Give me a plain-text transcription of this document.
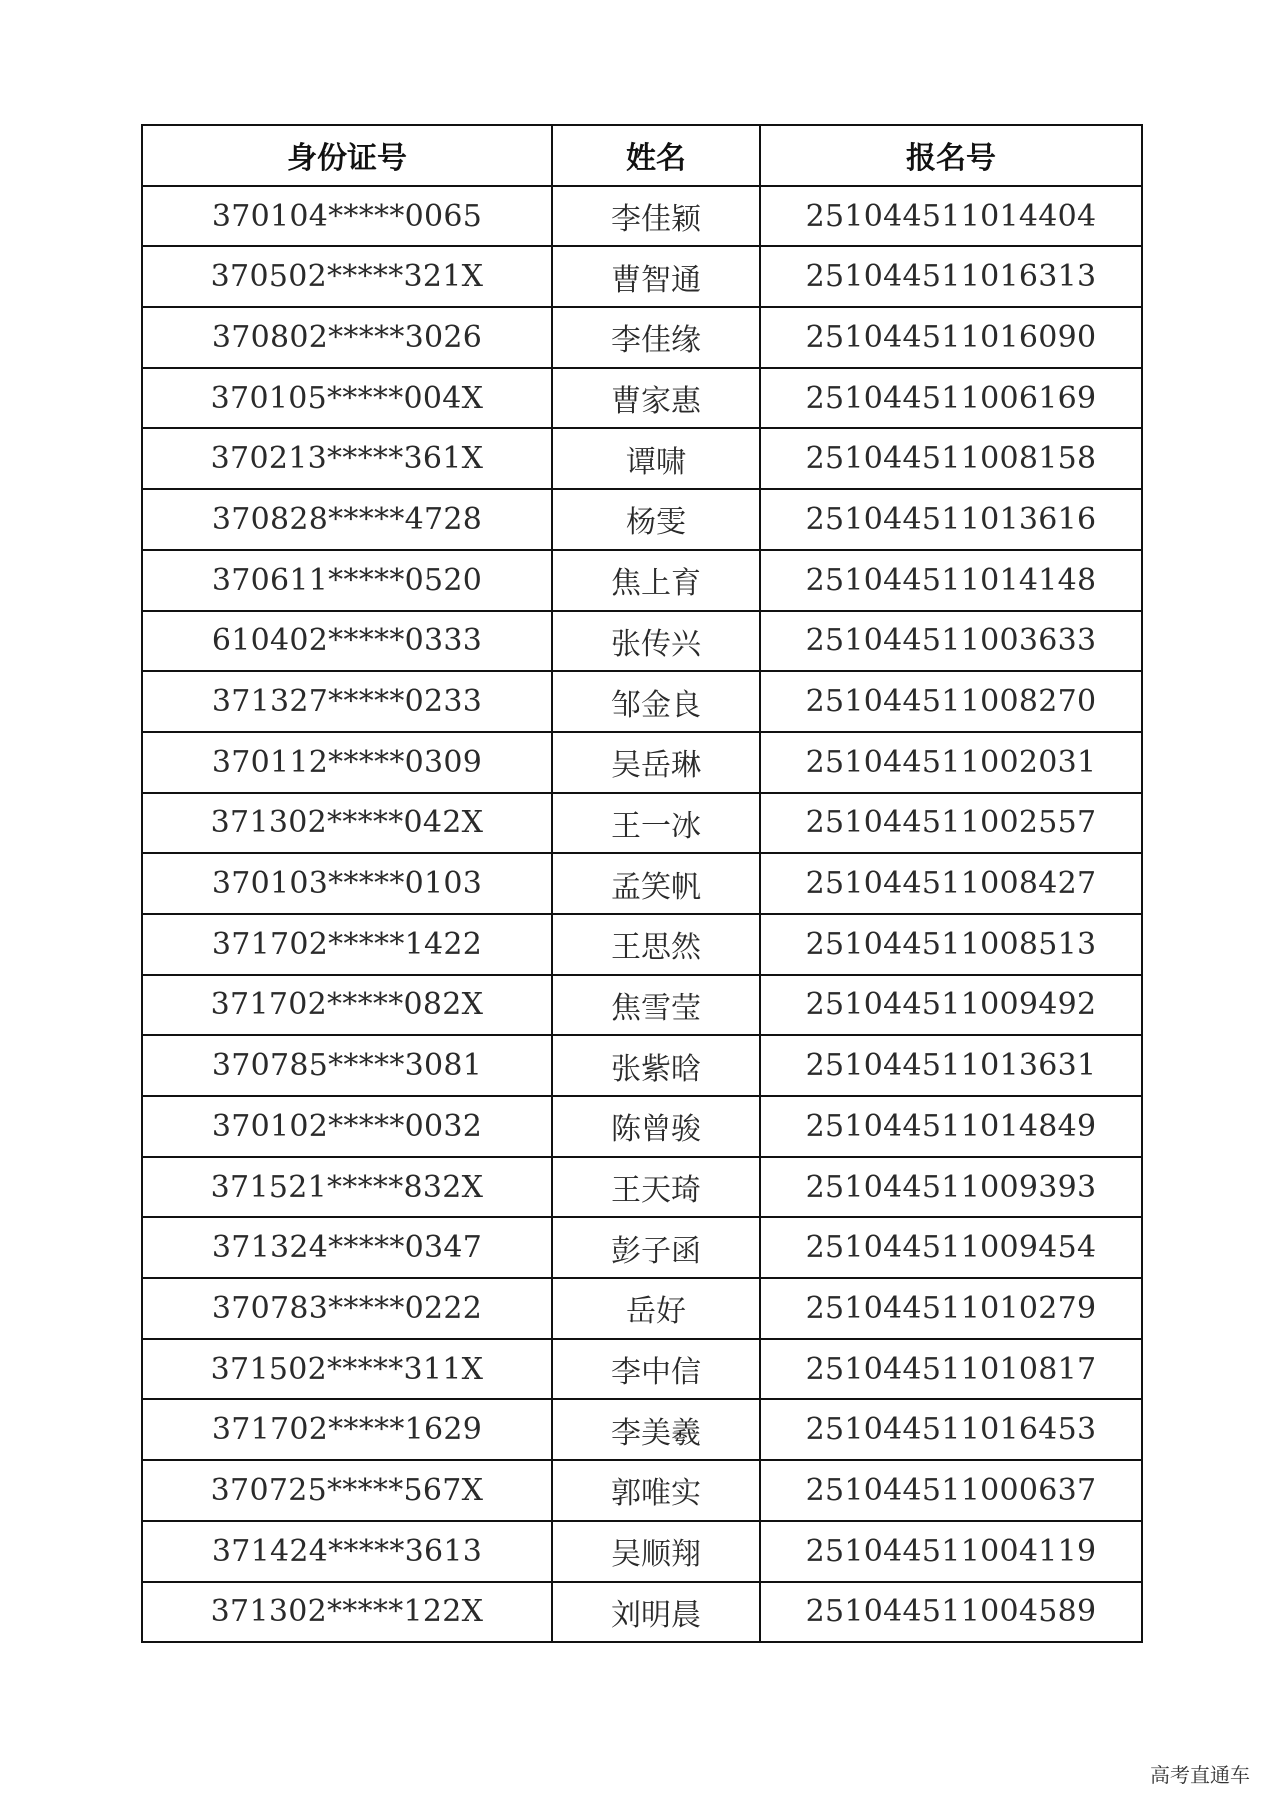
身份证号	姓名	报名号
370104*****0065	李佳颖	251044511014404
370502*****321X	曹智通	251044511016313
370802*****3026	李佳缘	251044511016090
370105*****004X	曹家惠	251044511006169
370213*****361X	谭啸	251044511008158
370828*****4728	杨雯	251044511013616
370611*****0520	焦上育	251044511014148
610402*****0333	张传兴	251044511003633
371327*****0233	邹金良	251044511008270
370112*****0309	吴岳琳	251044511002031
371302*****042X	王一冰	251044511002557
370103*****0103	孟笑帆	251044511008427
371702*****1422	王思然	251044511008513
371702*****082X	焦雪莹	251044511009492
370785*****3081	张紫晗	251044511013631
370102*****0032	陈曾骏	251044511014849
371521*****832X	王天琦	251044511009393
371324*****0347	彭子函	251044511009454
370783*****0222	岳好	251044511010279
371502*****311X	李中信	251044511010817
371702*****1629	李美羲	251044511016453
370725*****567X	郭唯实	251044511000637
371424*****3613	吴顺翔	251044511004119
371302*****122X	刘明晨	251044511004589
高考直通车
